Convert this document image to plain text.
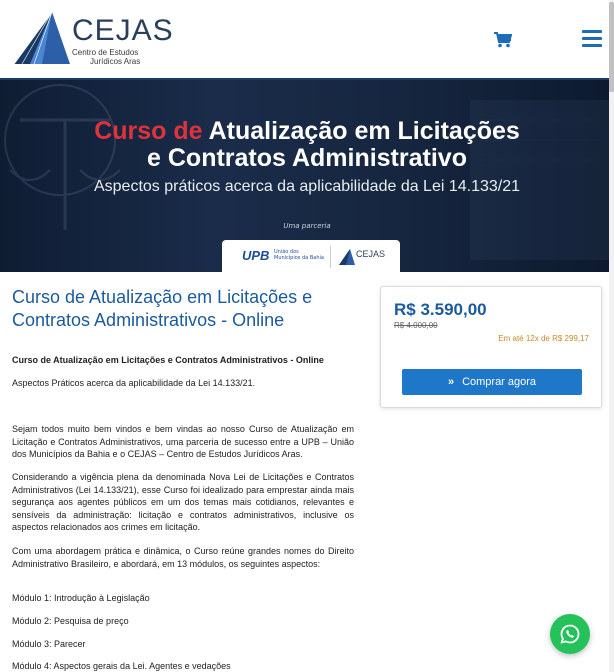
CEJAS
Centro de Estudos
Jurídicos Aras
Curso de Atualização em Licitações
e Contratos Administrativo
Aspectos práticos acerca da aplicabilidade da Lei 14.133/21
Uma parceria
UPB União dos
Municípios da Bahia	CEJAS
Curso de Atualização em Licitações e Contratos Administrativos - Online
Curso de Atualização em Licitações e Contratos Administrativos - Online
Aspectos Práticos acerca da aplicabilidade da Lei 14.133/21.
Sejam todos muito bem vindos e bem vindas ao nosso Curso de Atualização em Licitação e Contratos Administrativos, uma parceria de sucesso entre a UPB – União dos Municípios da Bahia e o CEJAS – Centro de Estudos Jurídicos Aras.
Considerando a vigência plena da denominada Nova Lei de Licitações e Contratos Administrativos (Lei 14.133/21), esse Curso foi idealizado para emprestar ainda mais segurança aos agentes públicos em um dos temas mais cotidianos, relevantes e sensíveis da administração: licitação e contratos administrativos, inclusive os aspectos relacionados aos crimes em licitação.
Com uma abordagem prática e dinâmica, o Curso reúne grandes nomes do Direito Administrativo Brasileiro, e abordará, em 13 módulos, os seguintes aspectos:
Módulo 1: Introdução à Legislação
Módulo 2: Pesquisa de preço
Módulo 3: Parecer
Módulo 4: Aspectos gerais da Lei. Agentes e vedações
R$ 3.590,00
R$ 4.000,00
Em até 12x de R$ 299,17
» Comprar agora
